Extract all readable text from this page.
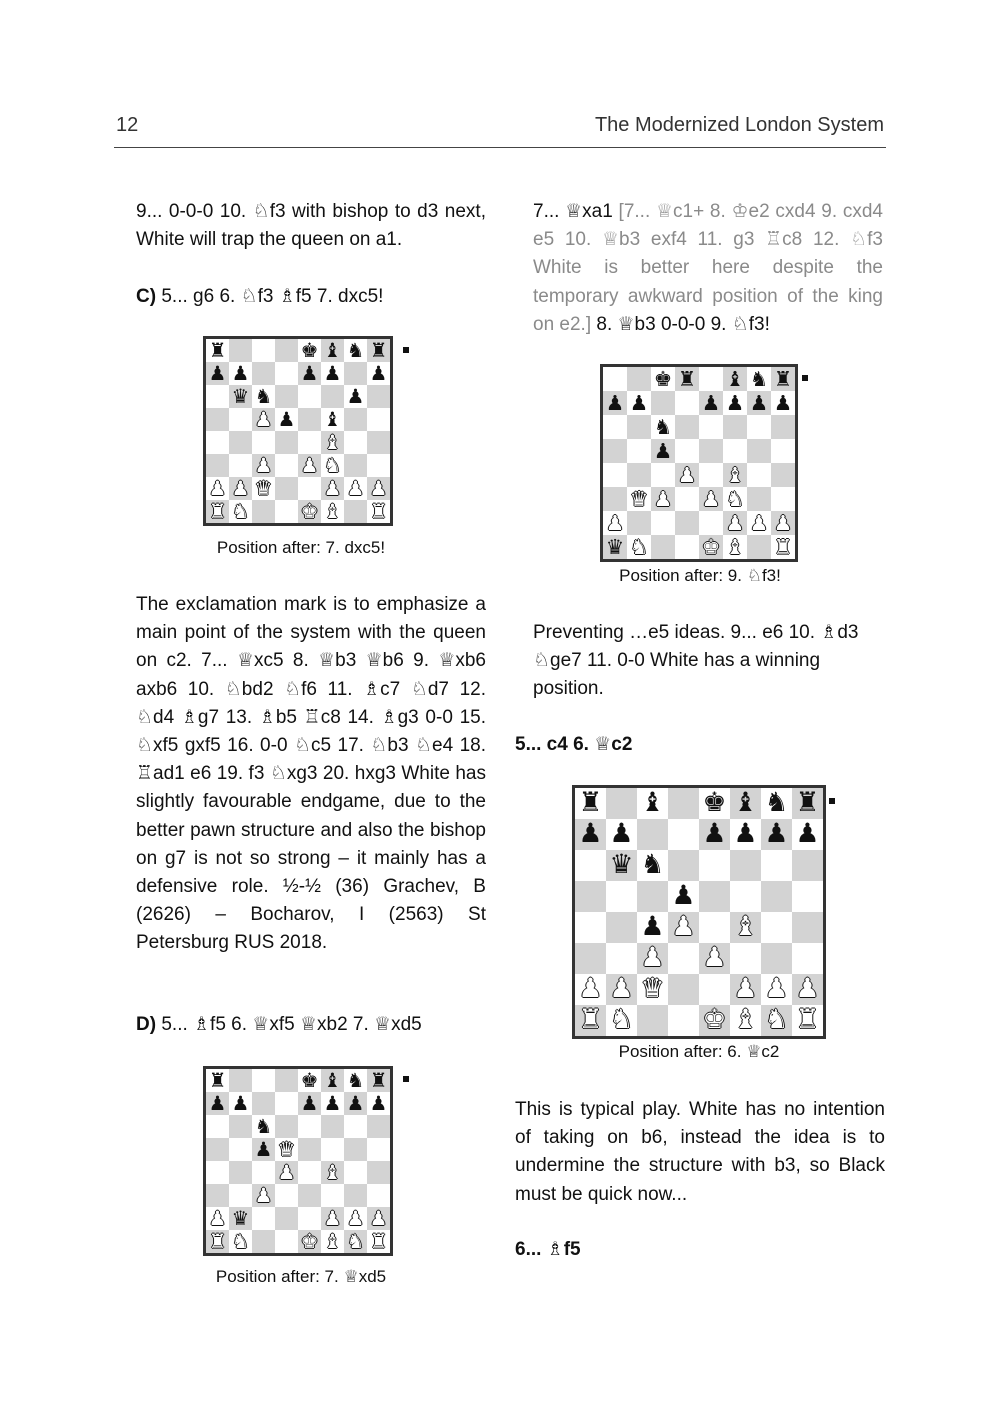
12	The Modernized London System

9... 0-0-0 10. ♘f3 with bishop to d3 next, White will trap the queen on a1.

C) 5... g6 6. ♘f3 ♗f5 7. dxc5!

♜	♚ ♝ ♞ ♜
♟ ♟	♟ ♟ ♟
♛ ♞	♟
♟ ♟ ♝
♝
♟ ♟ ♞
♟ ♟ ♛	♟ ♟ ♟
♜ ♞	♚ ♝ ♜

Position after: 7. dxc5!

The exclamation mark is to emphasize a main point of the system with the queen on c2. 7... ♕xc5 8. ♕b3 ♕b6 9. ♕xb6 axb6 10. ♘bd2 ♘f6 11. ♗c7 ♘d7 12. ♘d4 ♗g7 13. ♗b5 ♖c8 14. ♗g3 0-0 15. ♘xf5 gxf5 16. 0-0 ♘c5 17. ♘b3 ♘e4 18. ♖ad1 e6 19. f3 ♘xg3 20. hxg3 White has slightly favourable endgame, due to the better pawn structure and also the bishop on g7 is not so strong – it mainly has a defensive role. ½-½ (36) Grachev, B (2626) – Bocharov, I (2563) St Petersburg RUS 2018.

D) 5... ♗f5 6. ♕xf5 ♕xb2 7. ♕xd5

♜	♚ ♝ ♞ ♜
♟ ♟	♟ ♟ ♟ ♟
♞
♟ ♛
♟ ♝
♟
♟ ♛	♟ ♟ ♟
♜ ♞	♚ ♝ ♞ ♜

Position after: 7. ♕xd5

7... ♕xa1 [7... ♕c1+ 8. ♔e2 cxd4 9. cxd4 e5 10. ♕b3 exf4 11. g3 ♖c8 12. ♘f3 White is better here despite the temporary awkward position of the king on e2.] 8. ♕b3 0-0-0 9. ♘f3!

♚ ♜ ♝ ♞ ♜
♟ ♟	♟ ♟ ♟ ♟
♞
♟
♟ ♝
♛ ♟ ♟ ♞
♟	♟ ♟ ♟
♛ ♞	♚ ♝ ♜

Position after: 9. ♘f3!

Preventing …e5 ideas. 9... e6 10. ♗d3 ♘ge7 11. 0-0 White has a winning position.

5... c4 6. ♕c2

♜ ♝ ♚ ♝ ♞ ♜
♟ ♟	♟ ♟ ♟ ♟
♛ ♞
♟
♟ ♟ ♝
♟ ♟
♟ ♟ ♛	♟ ♟ ♟
♜ ♞	♚ ♝ ♞ ♜

Position after: 6. ♕c2

This is typical play. White has no intention of taking on b6, instead the idea is to undermine the structure with b3, so Black must be quick now...

6... ♗f5
